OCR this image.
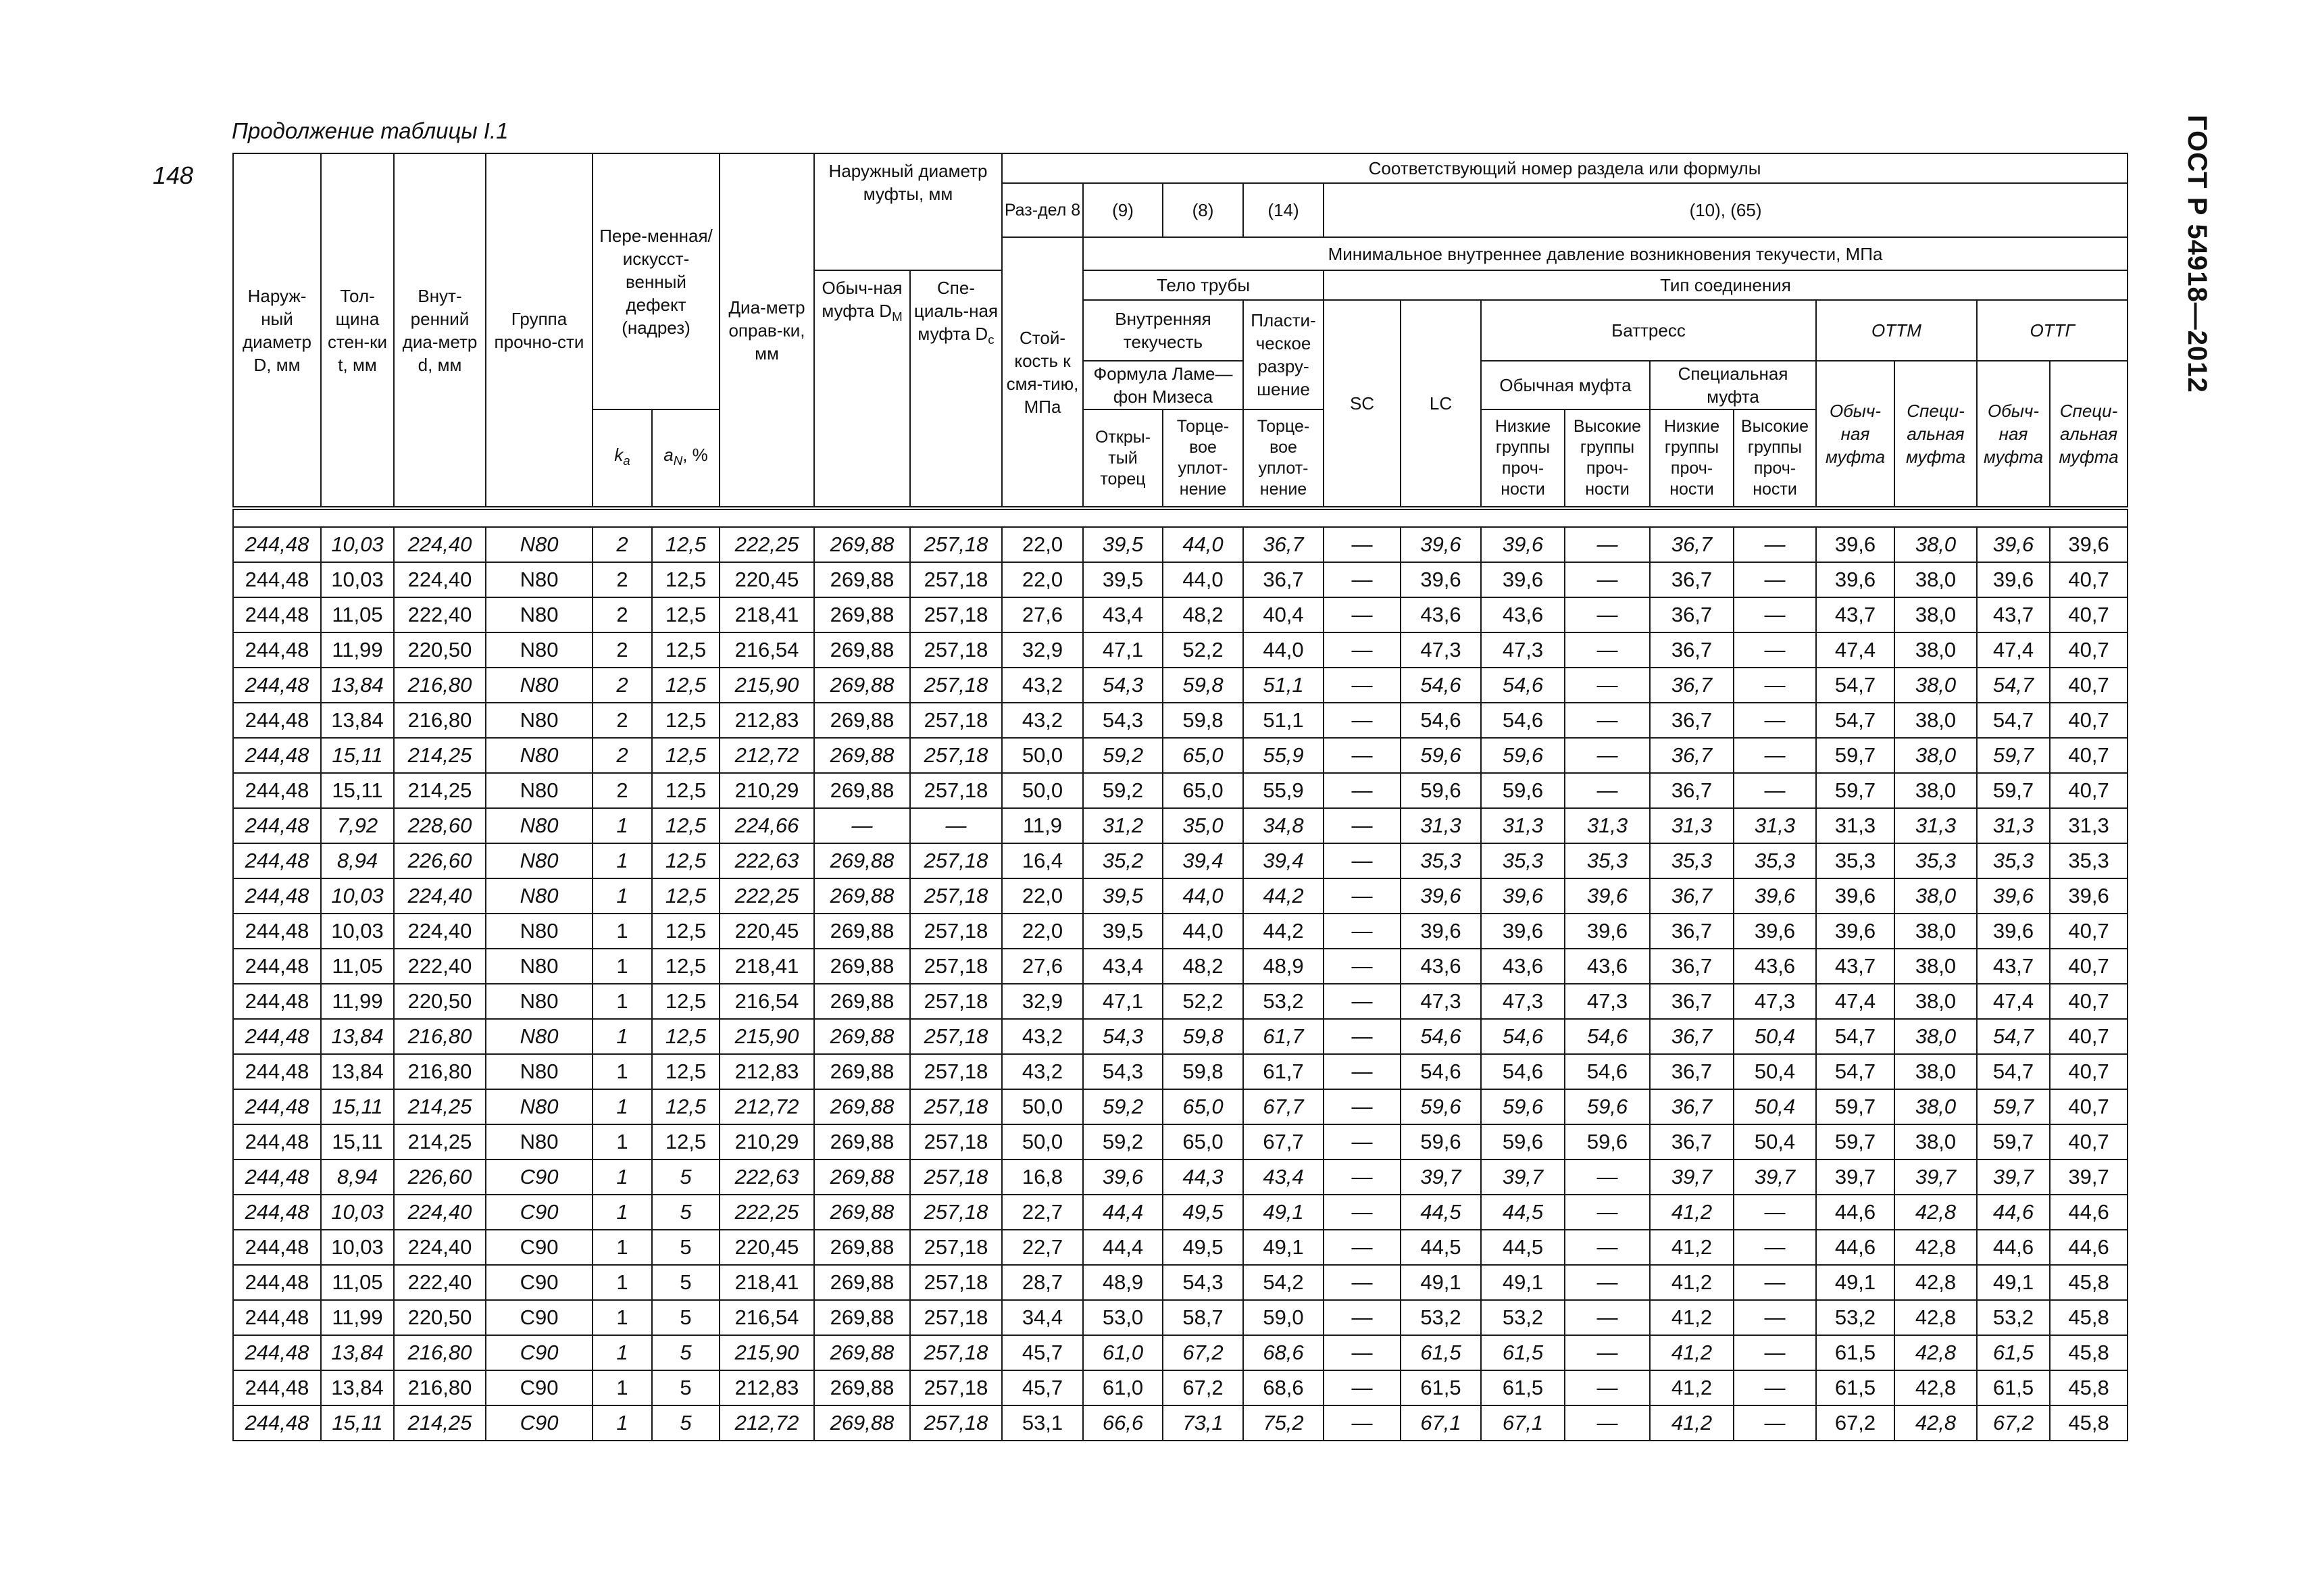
148
Продолжение таблицы I.1	ГОСТ Р 54918—2012
Наруж-ный диаметр D, мм	Тол-щина стен-ки t, мм	Внут-ренний диа-метр d, мм	Группа прочно-сти	Пере-менная/ искусст-венный дефект (надрез)		Диа-метр оправ-ки, мм	Наружный диаметр муфты, мм		Соответствующий номер раздела или формулы													
									Раз-дел 8	(9)	(8)	(14)	(10), (65)									
									Стой-кость к смя-тию, МПа	Минимальное внутреннее давление возникновения текучести, МПа												
							Обыч-ная муфта $D_М$	Спе-циаль-ная муфта $D_с$		Тело трубы			Тип соединения									
										Внутренняя текучесть		Пласти-ческое разру-шение	SC	LC	Баттресс				ОТТМ		ОТТГ	
										Формула Ламе—фон Мизеса					Обычная муфта		Специальная муфта		Обыч-ная муфта	Специ-альная муфта	Обыч-ная муфта	Специ-альная муфта
				$k_a$	$a_N$, %					Откры-тый торец	Торце-вое уплот-нение	Торце-вое уплот-нение			Низкие группы проч-ности	Высокие группы проч-ности	Низкие группы проч-ности	Высокие группы проч-ности				

244,48	10,03	224,40	N80	2	12,5	222,25	269,88	257,18	22,0	39,5	44,0	36,7	—	39,6	39,6	—	36,7	—	39,6	38,0	39,6	39,6
244,48	10,03	224,40	N80	2	12,5	220,45	269,88	257,18	22,0	39,5	44,0	36,7	—	39,6	39,6	—	36,7	—	39,6	38,0	39,6	40,7
244,48	11,05	222,40	N80	2	12,5	218,41	269,88	257,18	27,6	43,4	48,2	40,4	—	43,6	43,6	—	36,7	—	43,7	38,0	43,7	40,7
244,48	11,99	220,50	N80	2	12,5	216,54	269,88	257,18	32,9	47,1	52,2	44,0	—	47,3	47,3	—	36,7	—	47,4	38,0	47,4	40,7
244,48	13,84	216,80	N80	2	12,5	215,90	269,88	257,18	43,2	54,3	59,8	51,1	—	54,6	54,6	—	36,7	—	54,7	38,0	54,7	40,7
244,48	13,84	216,80	N80	2	12,5	212,83	269,88	257,18	43,2	54,3	59,8	51,1	—	54,6	54,6	—	36,7	—	54,7	38,0	54,7	40,7
244,48	15,11	214,25	N80	2	12,5	212,72	269,88	257,18	50,0	59,2	65,0	55,9	—	59,6	59,6	—	36,7	—	59,7	38,0	59,7	40,7
244,48	15,11	214,25	N80	2	12,5	210,29	269,88	257,18	50,0	59,2	65,0	55,9	—	59,6	59,6	—	36,7	—	59,7	38,0	59,7	40,7
244,48	7,92	228,60	N80	1	12,5	224,66	—	—	11,9	31,2	35,0	34,8	—	31,3	31,3	31,3	31,3	31,3	31,3	31,3	31,3	31,3
244,48	8,94	226,60	N80	1	12,5	222,63	269,88	257,18	16,4	35,2	39,4	39,4	—	35,3	35,3	35,3	35,3	35,3	35,3	35,3	35,3	35,3
244,48	10,03	224,40	N80	1	12,5	222,25	269,88	257,18	22,0	39,5	44,0	44,2	—	39,6	39,6	39,6	36,7	39,6	39,6	38,0	39,6	39,6
244,48	10,03	224,40	N80	1	12,5	220,45	269,88	257,18	22,0	39,5	44,0	44,2	—	39,6	39,6	39,6	36,7	39,6	39,6	38,0	39,6	40,7
244,48	11,05	222,40	N80	1	12,5	218,41	269,88	257,18	27,6	43,4	48,2	48,9	—	43,6	43,6	43,6	36,7	43,6	43,7	38,0	43,7	40,7
244,48	11,99	220,50	N80	1	12,5	216,54	269,88	257,18	32,9	47,1	52,2	53,2	—	47,3	47,3	47,3	36,7	47,3	47,4	38,0	47,4	40,7
244,48	13,84	216,80	N80	1	12,5	215,90	269,88	257,18	43,2	54,3	59,8	61,7	—	54,6	54,6	54,6	36,7	50,4	54,7	38,0	54,7	40,7
244,48	13,84	216,80	N80	1	12,5	212,83	269,88	257,18	43,2	54,3	59,8	61,7	—	54,6	54,6	54,6	36,7	50,4	54,7	38,0	54,7	40,7
244,48	15,11	214,25	N80	1	12,5	212,72	269,88	257,18	50,0	59,2	65,0	67,7	—	59,6	59,6	59,6	36,7	50,4	59,7	38,0	59,7	40,7
244,48	15,11	214,25	N80	1	12,5	210,29	269,88	257,18	50,0	59,2	65,0	67,7	—	59,6	59,6	59,6	36,7	50,4	59,7	38,0	59,7	40,7
244,48	8,94	226,60	C90	1	5	222,63	269,88	257,18	16,8	39,6	44,3	43,4	—	39,7	39,7	—	39,7	39,7	39,7	39,7	39,7	39,7
244,48	10,03	224,40	C90	1	5	222,25	269,88	257,18	22,7	44,4	49,5	49,1	—	44,5	44,5	—	41,2	—	44,6	42,8	44,6	44,6
244,48	10,03	224,40	C90	1	5	220,45	269,88	257,18	22,7	44,4	49,5	49,1	—	44,5	44,5	—	41,2	—	44,6	42,8	44,6	44,6
244,48	11,05	222,40	C90	1	5	218,41	269,88	257,18	28,7	48,9	54,3	54,2	—	49,1	49,1	—	41,2	—	49,1	42,8	49,1	45,8
244,48	11,99	220,50	C90	1	5	216,54	269,88	257,18	34,4	53,0	58,7	59,0	—	53,2	53,2	—	41,2	—	53,2	42,8	53,2	45,8
244,48	13,84	216,80	C90	1	5	215,90	269,88	257,18	45,7	61,0	67,2	68,6	—	61,5	61,5	—	41,2	—	61,5	42,8	61,5	45,8
244,48	13,84	216,80	C90	1	5	212,83	269,88	257,18	45,7	61,0	67,2	68,6	—	61,5	61,5	—	41,2	—	61,5	42,8	61,5	45,8
244,48	15,11	214,25	C90	1	5	212,72	269,88	257,18	53,1	66,6	73,1	75,2	—	67,1	67,1	—	41,2	—	67,2	42,8	67,2	45,8
